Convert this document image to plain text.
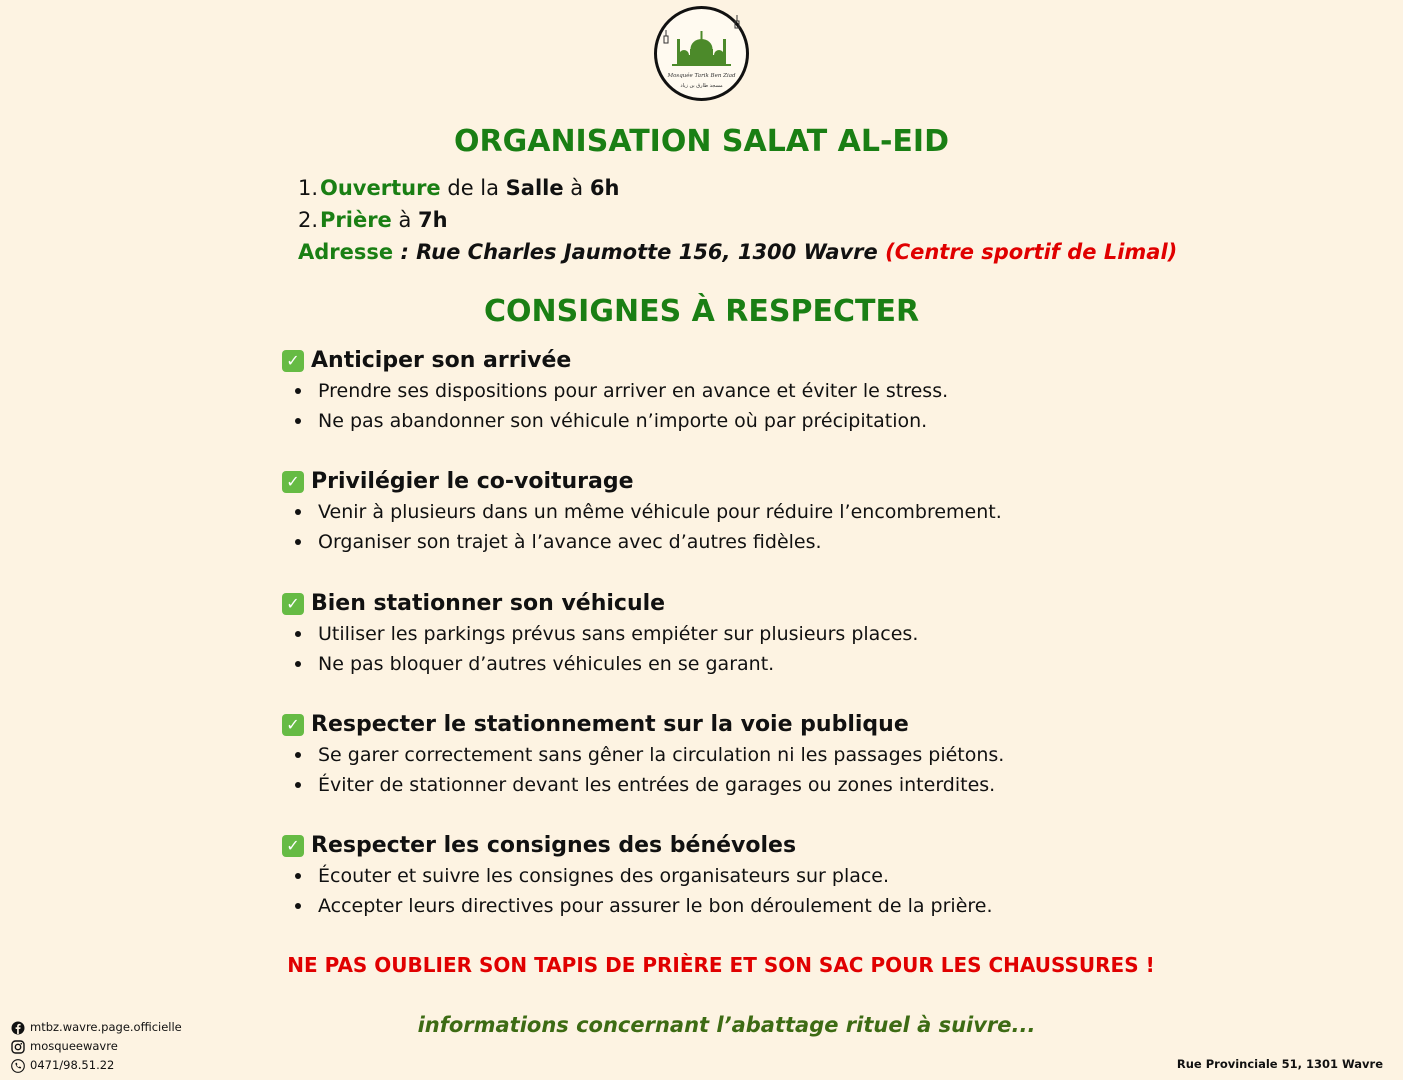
Mosquée Tarik Ben Ziad
مسجد طارق بن زياد
ORGANISATION SALAT AL-EID
1.Ouverture de la Salle à 6h
2.Prière à 7h
Adresse : Rue Charles Jaumotte 156, 1300 Wavre (Centre sportif de Limal)
CONSIGNES À RESPECTER
✓ Anticiper son arrivée
Prendre ses dispositions pour arriver en avance et éviter le stress.
Ne pas abandonner son véhicule n’importe où par précipitation.
✓ Privilégier le co-voiturage
Venir à plusieurs dans un même véhicule pour réduire l’encombrement.
Organiser son trajet à l’avance avec d’autres fidèles.
✓ Bien stationner son véhicule
Utiliser les parkings prévus sans empiéter sur plusieurs places.
Ne pas bloquer d’autres véhicules en se garant.
✓ Respecter le stationnement sur la voie publique
Se garer correctement sans gêner la circulation ni les passages piétons.
Éviter de stationner devant les entrées de garages ou zones interdites.
✓ Respecter les consignes des bénévoles
Écouter et suivre les consignes des organisateurs sur place.
Accepter leurs directives pour assurer le bon déroulement de la prière.
NE PAS OUBLIER SON TAPIS DE PRIÈRE ET SON SAC POUR LES CHAUSSURES !
informations concernant l’abattage rituel à suivre...
mtbz.wavre.page.officielle
mosqueewavre
0471/98.51.22	Rue Provinciale 51, 1301 Wavre
